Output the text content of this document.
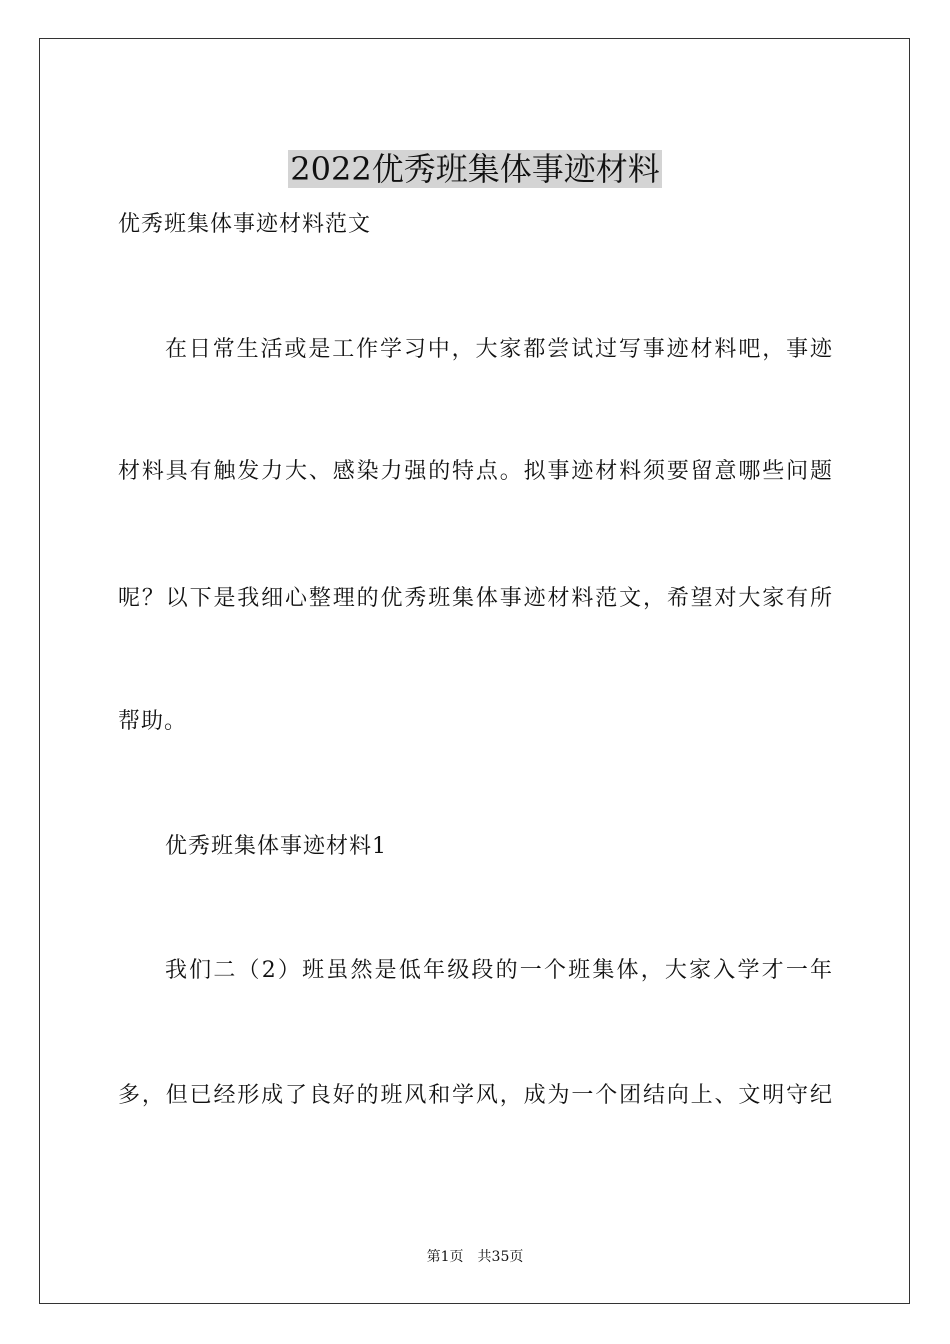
2022优秀班集体事迹材料
优秀班集体事迹材料范文
在日常生活或是工作学习中，大家都尝试过写事迹材料吧，事迹
材料具有触发力大、感染力强的特点。拟事迹材料须要留意哪些问题
呢？以下是我细心整理的优秀班集体事迹材料范文，希望对大家有所
帮助。
优秀班集体事迹材料1
我们二（2）班虽然是低年级段的一个班集体，大家入学才一年
多，但已经形成了良好的班风和学风，成为一个团结向上、文明守纪
第1页 共35页
